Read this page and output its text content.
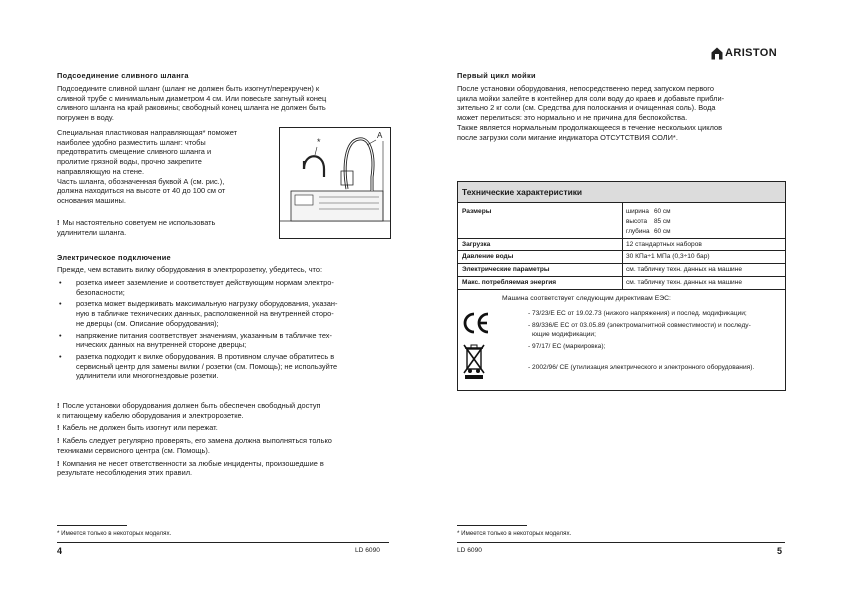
Подсоединение сливного шланга
Подсоедините сливной шланг (шланг не должен быть изогнут/перекручен) к
сливной трубе с минимальным диаметром 4 см. Или повесьте загнутый конец
сливного шланга на край раковины; свободный конец шланга не должен быть
погружен в воду.
Специальная пластиковая направляющая* поможет
наиболее удобно разместить шланг: чтобы
предотвратить смещение сливного шланга и
пролитие грязной воды, прочно закрепите
направляющую на стене.
Часть шланга, обозначенная буквой А (см. рис.),
должна находиться на высоте от 40 до 100 см от
основания машины.
! Мы настоятельно советуем не использовать
удлинители шланга.
*
A
Электрическое подключение
Прежде, чем вставить вилку оборудования в электророзетку, убедитесь, что:
• розетка имеет заземление и соответствует действующим нормам электро-
безопасности;
• розетка может выдерживать максимальную нагрузку оборудования, указан-
ную в табличке технических данных, расположенной на внутренней сторо-
не дверцы (см. Описание оборудования);
• напряжение питания соответствует значениям, указанным в табличке тех-
нических данных на внутренней стороне дверцы;
• разетка подходит к вилке оборудования. В противном случае обратитесь в
сервисный центр для замены вилки / розетки (см. Помощь); не используйте
удлинители или многогнездовые розетки.
! После установки оборудования должен быть обеспечен свободный доступ
к питающему кабелю оборудования и электророзетке.
! Кабель не должен быть изогнут или пережат.
! Кабель следует регулярно проверять, его замена должна выполняться только
техниками сервисного центра (см. Помощь).
! Компания не несет ответственности за любые инциденты, произошедшие в
результате несоблюдения этих правил.
* Имеется только в некоторых моделях.
4	LD 6090
ARISTON
Первый цикл мойки
После установки оборудования, непосредственно перед запуском первого
цикла мойки залейте в контейнер для соли воду до краев и добавьте прибли-
зительно 2 кг соли (см. Средства для полоскания и очищенная соль). Вода
может перелиться: это нормально и не причина для беспокойства.
Также является нормальным продолжающееся в течение нескольких циклов
после загрузки соли мигание индикатора ОТСУТСТВИЯ СОЛИ*.
Технические характеристики
Размеры	ширина 60 см
высота 85 см
глубина 60 см
Загрузка	12 стандартных наборов
Давление воды	30 КПа÷1 МПа (0,3÷10 бар)
Электрические параметры	см. табличку техн. данных на машине
Макс. потребляемая энергия	см. табличку техн. данных на машине
Машина соответствует следующим директивам ЕЭС:
- 73/23/Е ЕС от 19.02.73 (низкого напряжения) и послед. модификации;
- 89/336/Е ЕС от 03.05.89 (электромагнитной совместимости) и последу-
ющие модификации;
- 97/17/ ЕС (маркировка);
- 2002/96/ СЕ (утилизация электрического и электронного оборудования).
* Имеется только в некоторых моделях.
LD 6090	5
